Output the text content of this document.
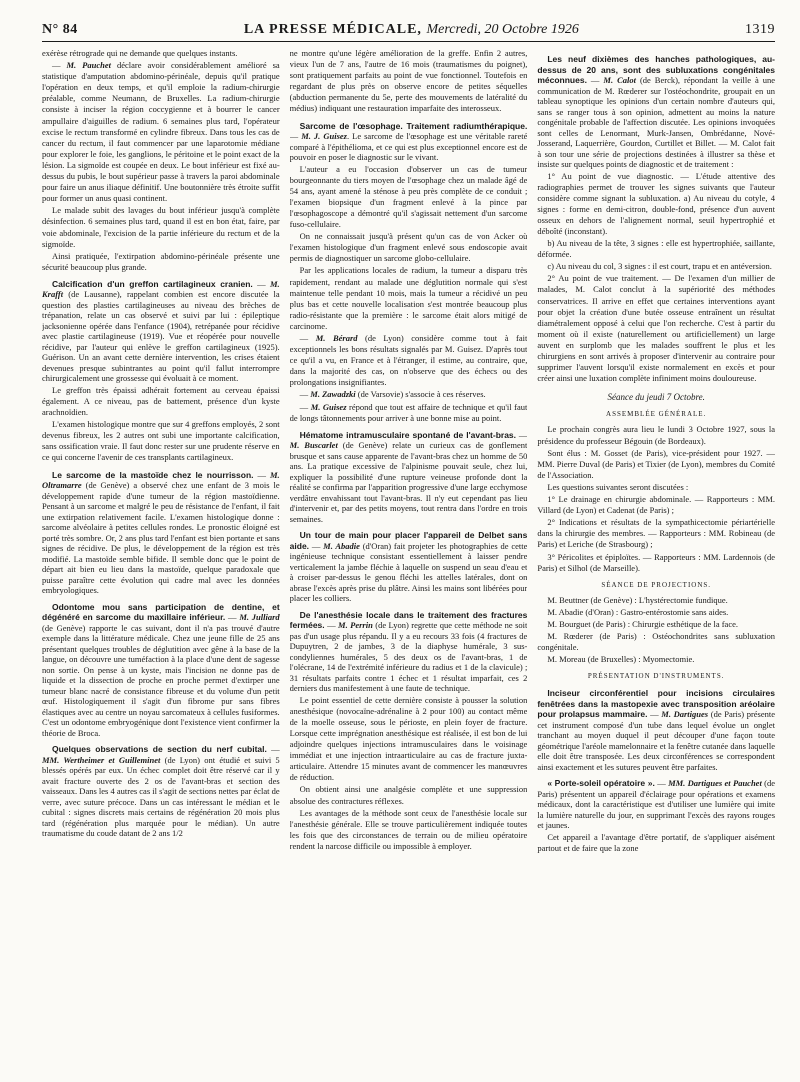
N° 84	LA PRESSE MÉDICALE, Mercredi, 20 Octobre 1926	1319

exérèse rétrograde qui ne demande que quelques instants.

— M. Pauchet déclare avoir considérablement amélioré sa statistique d'amputation abdomino-périnéale, depuis qu'il pratique l'opération en deux temps, et qu'il emploie la radium-chirurgie préalable, comme Neumann, de Bruxelles. La radium-chirurgie consiste à inciser la région coccygienne et à bourrer le cancer ampullaire d'aiguilles de radium. 6 semaines plus tard, l'opérateur excise le rectum transformé en cylindre fibreux. Dans tous les cas de cancer du rectum, il faut commencer par une laparotomie médiane pour explorer le foie, les ganglions, le péritoine et le point exact de la lésion. La sigmoïde est coupée en deux. Le bout inférieur est fixé au-dessus du pubis, le bout supérieur passe à travers la paroi abdominale pour faire un anus iliaque définitif. Une boutonnière très étroite suffit pour former un anus quasi continent.

Le malade subit des lavages du bout inférieur jusqu'à complète désinfection. 6 semaines plus tard, quand il est en bon état, faire, par voie abdominale, l'excision de la partie inférieure du rectum et de la sigmoïde.

Ainsi pratiquée, l'extirpation abdomino-périnéale présente une sécurité beaucoup plus grande.

Calcification d'un greffon cartilagineux cranien. — M. Krafft (de Lausanne), rappelant combien est encore discutée la question des plasties cartilagineuses au niveau des brèches de trépanation, relate un cas observé et suivi par lui : épileptique jacksonienne opérée dans l'enfance (1904), retrépanée pour récidive avec plastie cartilagineuse (1919). Vue et réopérée pour nouvelle récidive, par l'auteur qui enlève le greffon cartilagineux (1925). Guérison. Un an avant cette dernière intervention, les crises étaient devenues presque subintrantes au point qu'il fallut interrompre chirurgicalement une grossesse qui évoluait à ce moment.

Le greffon très épaissi adhérait fortement au cerveau épaissi également. A ce niveau, pas de battement, présence d'un kyste arachnoïdien.

L'examen histologique montre que sur 4 greffons employés, 2 sont devenus fibreux, les 2 autres ont subi une importante calcification, sans ossification vraie. Il faut donc rester sur une prudente réserve en ce qui concerne l'avenir de ces transplants cartilagineux.

Le sarcome de la mastoïde chez le nourrisson. — M. Oltramarre (de Genève) a observé chez une enfant de 3 mois le développement rapide d'une tumeur de la région mastoïdienne. Pensant à un sarcome et malgré le peu de résistance de l'enfant, il fait une extirpation relativement facile. L'examen histologique donne : sarcome alvéolaire à petites cellules rondes. Le pronostic éloigné est porté très sombre. Or, 2 ans plus tard l'enfant est bien portante et sans signes de récidive. De plus, le développement de la région est très modifié. La mastoïde semble bifide. Il semble donc que le point de départ ait bien eu lieu dans la mastoïde, quelque paradoxale que puisse paraître cette évolution qui cadre mal avec les données embryologiques.
Odontome mou sans participation de dentine, et dégénéré en sarcome du maxillaire inférieur. — M. Julliard (de Genève) rapporte le cas suivant, dont il n'a pas trouvé d'autre exemple dans la littérature médicale. Chez une jeune fille de 25 ans présentant quelques troubles de déglutition avec gêne à la base de la langue, on découvre une tuméfaction à la place d'une dent de sagesse non sortie. On pense à un kyste, mais l'incision ne donne pas de liquide et la dissection de proche en proche permet d'extirper une tumeur blanc nacré de consistance fibreuse et du volume d'un petit œuf. Histologiquement il s'agit d'un fibrome pur sans fibres élastiques avec au centre un noyau sarcomateux à cellules fusiformes. C'est un odontome embryogénique dont l'existence vient confirmer la théorie de Broca.
Quelques observations de section du nerf cubital. — MM. Wertheimer et Guilleminet (de Lyon) ont étudié et suivi 5 blessés opérés par eux. Un échec complet doit être réservé car il y avait fracture ouverte des 2 os de l'avant-bras et section des vaisseaux. Dans les 4 autres cas il s'agit de sections nettes par éclat de verre, avec suture précoce. Dans un cas intéressant le médian et le cubital : signes discrets mais certains de régénération 20 mois plus tard (régénération plus marquée pour le médian). Un autre traumatisme du coude datant de 2 ans 1/2

ne montre qu'une légère amélioration de la greffe. Enfin 2 autres, vieux l'un de 7 ans, l'autre de 16 mois (traumatismes du poignet), sont pratiquement parfaits au point de vue fonctionnel. Toutefois en regardant de plus près on observe encore de petites séquelles (abduction permanente du 5e, perte des mouvements de latéralité du médius) indiquant une restauration imparfaite des interosseux.

Sarcome de l'œsophage. Traitement radiumthérapique. — M. J. Guisez. Le sarcome de l'œsophage est une véritable rareté comparé à l'épithélioma, et ce qui est plus exceptionnel encore est de pouvoir en poser le diagnostic sur le vivant.

L'auteur a eu l'occasion d'observer un cas de tumeur bourgeonnante du tiers moyen de l'œsophage chez un malade âgé de 54 ans, ayant amené la sténose à peu près complète de ce conduit ; l'examen biopsique d'un fragment enlevé à la pince par l'œsophagoscope a démontré qu'il s'agissait nettement d'un sarcome fuso-cellulaire.

On ne connaissait jusqu'à présent qu'un cas de von Acker où l'examen histologique d'un fragment enlevé sous endoscopie avait permis de diagnostiquer un sarcome globo-cellulaire.

Par les applications locales de radium, la tumeur a disparu très rapidement, rendant au malade une déglutition normale qui s'est maintenue telle pendant 10 mois, mais la tumeur a récidivé un peu plus bas et cette nouvelle localisation s'est montrée beaucoup plus radio-résistante que la première : le sarcome était alors mitigé de carcinome.

— M. Bérard (de Lyon) considère comme tout à fait exceptionnels les bons résultats signalés par M. Guisez. D'après tout ce qu'il a vu, en France et à l'étranger, il estime, au contraire, que, dans la majorité des cas, on n'observe que des échecs ou des prolongations insignifiantes.

— M. Zawadzki (de Varsovie) s'associe à ces réserves.

— M. Guisez répond que tout est affaire de technique et qu'il faut de longs tâtonnements pour arriver à une bonne mise au point.

Hématome intramusculaire spontané de l'avant-bras. — M. Buscarlet (de Genève) relate un curieux cas de gonflement brusque et sans cause apparente de l'avant-bras chez un homme de 50 ans. La pratique excessive de l'alpinisme pouvait seule, chez lui, expliquer la possibilité d'une rupture veineuse profonde dont la réalité se confirma par l'apparition progressive d'une large ecchymose verdâtre envahissant tout l'avant-bras. Il n'y eut cependant pas lieu d'intervenir et, par des petits moyens, tout rentra dans l'ordre en trois semaines.
Un tour de main pour placer l'appareil de Delbet sans aide. — M. Abadie (d'Oran) fait projeter les photographies de cette ingénieuse technique consistant essentiellement à laisser pendre verticalement la jambe fléchie à laquelle on suspend un seau d'eau et à croiser par-dessus le genou fléchi les attelles latérales, dont on abrase l'excès après prise du plâtre. Ainsi les mains sont libérées pour placer les colliers.
De l'anesthésie locale dans le traitement des fractures fermées. — M. Perrin (de Lyon) regrette que cette méthode ne soit pas d'un usage plus répandu. Il y a eu recours 33 fois (4 fractures de Dupuytren, 2 de jambes, 3 de la diaphyse humérale, 3 sus-condyliennes humérales, 5 des deux os de l'avant-bras, 1 de l'olécrane, 14 de l'extrémité inférieure du radius et 1 de la clavicule) ; 31 résultats parfaits contre 1 échec et 1 résultat imparfait, ces 2 derniers dus manifestement à une faute de technique.

Le point essentiel de cette dernière consiste à pousser la solution anesthésique (novocaïne-adrénaline à 2 pour 100) au contact même de la moelle osseuse, sous le périoste, en plein foyer de fracture. Lorsque cette imprégnation anesthésique est réalisée, il est bon de lui adjoindre quelques injections intramusculaires dans le voisinage immédiat et une injection intraarticulaire au cas de fracture juxta-articulaire. Attendre 15 minutes avant de commencer les manœuvres de réduction.

On obtient ainsi une analgésie complète et une suppression absolue des contractures réflexes.

Les avantages de la méthode sont ceux de l'anesthésie locale sur l'anesthésie générale. Elle se trouve particulièrement indiquée toutes les fois que des circonstances de terrain ou de milieu opératoire rendent la narcose difficile ou impossible à employer.

Les neuf dixièmes des hanches pathologiques, au-dessus de 20 ans, sont des subluxations congénitales méconnues. — M. Calot (de Berck), répondant la veille à une communication de M. Rœderer sur l'ostéochondrite, groupait en un tableau synoptique les opinions d'un certain nombre d'auteurs qui, sans se ranger tous à son opinion, admettent au moins la nature congénitale probable de l'affection discutée. Les opinions invoquées sont celles de Lenormant, Murk-Jansen, Ombrédanne, Nové-Josserand, Laquerrière, Gourdon, Curtillet et Billet. — M. Calot fait à son tour une série de projections destinées à illustrer sa thèse et insiste sur quelques points de diagnostic et de traitement :

1° Au point de vue diagnostic. — L'étude attentive des radiographies permet de trouver les signes suivants que l'auteur considère comme signant la subluxation. a) Au niveau du cotyle, 4 signes : forme en demi-citron, double-fond, présence d'un auvent osseux en dehors de l'alignement normal, seuil hypertrophié et déboîté (inconstant).

b) Au niveau de la tête, 3 signes : elle est hypertrophiée, saillante, déformée.

c) Au niveau du col, 3 signes : il est court, trapu et en antéversion.

2° Au point de vue traitement. — De l'examen d'un millier de malades, M. Calot conclut à la supériorité des méthodes conservatrices. Il arrive en effet que certaines interventions ayant pour objet la création d'une butée osseuse entraînent un résultat diamétralement opposé à celui que l'on recherche. C'est à partir du moment où il existe (naturellement ou artificiellement) un large auvent en surplomb que les malades souffrent le plus et les chirurgiens en sont arrivés à proposer d'intervenir au contraire pour supprimer l'auvent lorsqu'il existe normalement en excès et pour créer ainsi une luxation complète infiniment moins douloureuse.

Séance du jeudi 7 Octobre.
ASSEMBLÉE GÉNÉRALE.

Le prochain congrès aura lieu le lundi 3 Octobre 1927, sous la présidence du professeur Bégouin (de Bordeaux).

Sont élus : M. Gosset (de Paris), vice-président pour 1927. — MM. Pierre Duval (de Paris) et Tixier (de Lyon), membres du Comité de l'Association.

Les questions suivantes seront discutées :

1° Le drainage en chirurgie abdominale. — Rapporteurs : MM. Villard (de Lyon) et Cadenat (de Paris) ;

2° Indications et résultats de la sympathicectomie périartérielle dans la chirurgie des membres. — Rapporteurs : MM. Robineau (de Paris) et Leriche (de Strasbourg) ;

3° Péricolites et épiploïtes. — Rapporteurs : MM. Lardennois (de Paris) et Silhol (de Marseille).

SÉANCE DE PROJECTIONS.

M. Beuttner (de Genève) : L'hystérectomie fundique.

M. Abadie (d'Oran) : Gastro-entérostomie sans aides.

M. Bourguet (de Paris) : Chirurgie esthétique de la face.

M. Rœderer (de Paris) : Ostéochondrites sans subluxation congénitale.

M. Moreau (de Bruxelles) : Myomectomie.

PRÉSENTATION D'INSTRUMENTS.
Inciseur circonférentiel pour incisions circulaires fenêtrées dans la mastopexie avec transposition aréolaire pour prolapsus mammaire. — M. Dartigues (de Paris) présente cet instrument composé d'un tube dans lequel évolue un onglet tranchant au moyen duquel il peut découper d'une façon toute géométrique l'aréole mamelonnaire et la fenêtre cutanée dans laquelle elle doit être transposée. Les deux circonférences se correspondent ainsi exactement et les sutures peuvent être parfaites.
« Porte-soleil opératoire ». — MM. Dartigues et Pauchet (de Paris) présentent un appareil d'éclairage pour opérations et examens médicaux, dont la caractéristique est d'utiliser une lumière qui imite la lumière naturelle du jour, en supprimant l'excès des rayons rouges et jaunes.

Cet appareil a l'avantage d'être portatif, de s'appliquer aisément partout et de faire que la zone
